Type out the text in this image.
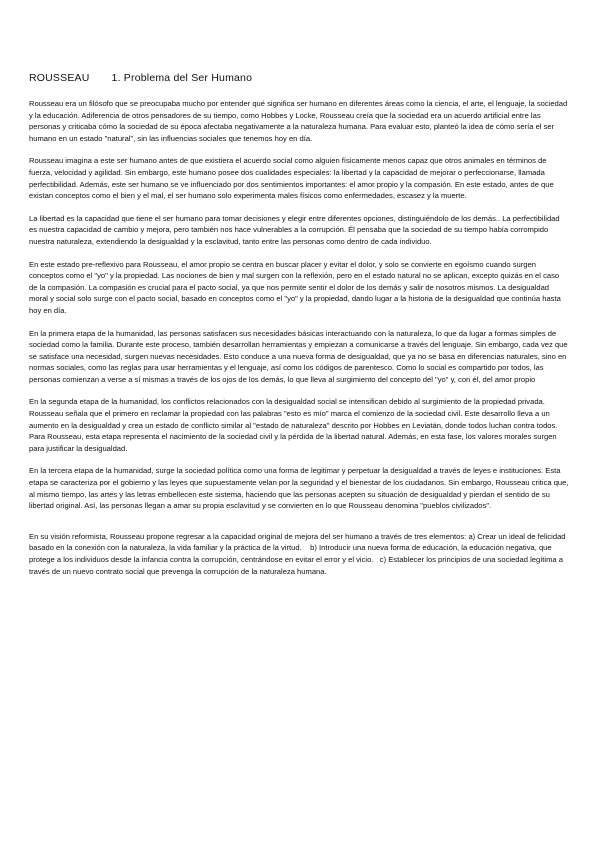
ROUSSEAU 1. Problema del Ser Humano

Rousseau era un filósofo que se preocupaba mucho por entender qué significa ser humano en diferentes áreas como la ciencia, el arte, el lenguaje, la sociedad y la educación. Adiferencia de otros pensadores de su tiempo, como Hobbes y Locke, Rousseau creía que la sociedad era un acuerdo artificial entre las personas y criticaba cómo la sociedad de su época afectaba negativamente a la naturaleza humana. Para evaluar esto, planteó la idea de cómo sería el ser humano en un estado "natural", sin las influencias sociales que tenemos hoy en día.

Rousseau imagina a este ser humano antes de que existiera el acuerdo social como alguien físicamente menos capaz que otros animales en términos de fuerza, velocidad y agilidad. Sin embargo, este humano posee dos cualidades especiales: la libertad y la capacidad de mejorar o perfeccionarse, llamada perfectibilidad. Además, este ser humano se ve influenciado por dos sentimientos importantes: el amor propio y la compasión. En este estado, antes de que existan conceptos como el bien y el mal, el ser humano solo experimenta males físicos como enfermedades, escasez y la muerte.

La libertad es la capacidad que tiene el ser humano para tomar decisiones y elegir entre diferentes opciones, distinguiéndolo de los demás.. La perfectibilidad es nuestra capacidad de cambio y mejora, pero también nos hace vulnerables a la corrupción. Él pensaba que la sociedad de su tiempo había corrompido nuestra naturaleza, extendiendo la desigualdad y la esclavitud, tanto entre las personas como dentro de cada individuo.

En este estado pre-reflexivo para Rousseau, el amor propio se centra en buscar placer y evitar el dolor, y solo se convierte en egoísmo cuando surgen conceptos como el "yo" y la propiedad. Las nociones de bien y mal surgen con la reflexión, pero en el estado natural no se aplican, excepto quizás en el caso de la compasión. La compasión es crucial para el pacto social, ya que nos permite sentir el dolor de los demás y salir de nosotros mismos. La desigualdad moral y social solo surge con el pacto social, basado en conceptos como el "yo" y la propiedad, dando lugar a la historia de la desigualdad que continúa hasta hoy en día.

En la primera etapa de la humanidad, las personas satisfacen sus necesidades básicas interactuando con la naturaleza, lo que da lugar a formas simples de sociedad como la familia. Durante este proceso, también desarrollan herramientas y empiezan a comunicarse a través del lenguaje. Sin embargo, cada vez que se satisface una necesidad, surgen nuevas necesidades. Esto conduce a una nueva forma de desigualdad, que ya no se basa en diferencias naturales, sino en normas sociales, como las reglas para usar herramientas y el lenguaje, así como los códigos de parentesco. Como lo social es compartido por todos, las personas comienzan a verse a sí mismas a través de los ojos de los demás, lo que lleva al surgimiento del concepto del "yo" y, con él, del amor propio

En la segunda etapa de la humanidad, los conflictos relacionados con la desigualdad social se intensifican debido al surgimiento de la propiedad privada. Rousseau señala que el primero en reclamar la propiedad con las palabras "esto es mío" marca el comienzo de la sociedad civil. Este desarrollo lleva a un aumento en la desigualdad y crea un estado de conflicto similar al "estado de naturaleza" descrito por Hobbes en Leviatán, donde todos luchan contra todos. Para Rousseau, esta etapa representa el nacimiento de la sociedad civil y la pérdida de la libertad natural. Además, en esta fase, los valores morales surgen para justificar la desigualdad.

En la tercera etapa de la humanidad, surge la sociedad política como una forma de legitimar y perpetuar la desigualdad a través de leyes e instituciones. Esta etapa se caracteriza por el gobierno y las leyes que supuestamente velan por la seguridad y el bienestar de los ciudadanos. Sin embargo, Rousseau critica que, al mismo tiempo, las artes y las letras embellecen este sistema, haciendo que las personas acepten su situación de desigualdad y pierdan el sentido de su libertad original. Así, las personas llegan a amar su propia esclavitud y se convierten en lo que Rousseau denomina "pueblos civilizados".

En su visión reformista, Rousseau propone regresar a la capacidad original de mejora del ser humano a través de tres elementos: a) Crear un ideal de felicidad basado en la conexión con la naturaleza, la vida familiar y la práctica de la virtud. b) Introducir una nueva forma de educación, la educación negativa, que protege a los individuos desde la infancia contra la corrupción, centrándose en evitar el error y el vicio. c) Establecer los principios de una sociedad legítima a través de un nuevo contrato social que prevenga la corrupción de la naturaleza humana.
